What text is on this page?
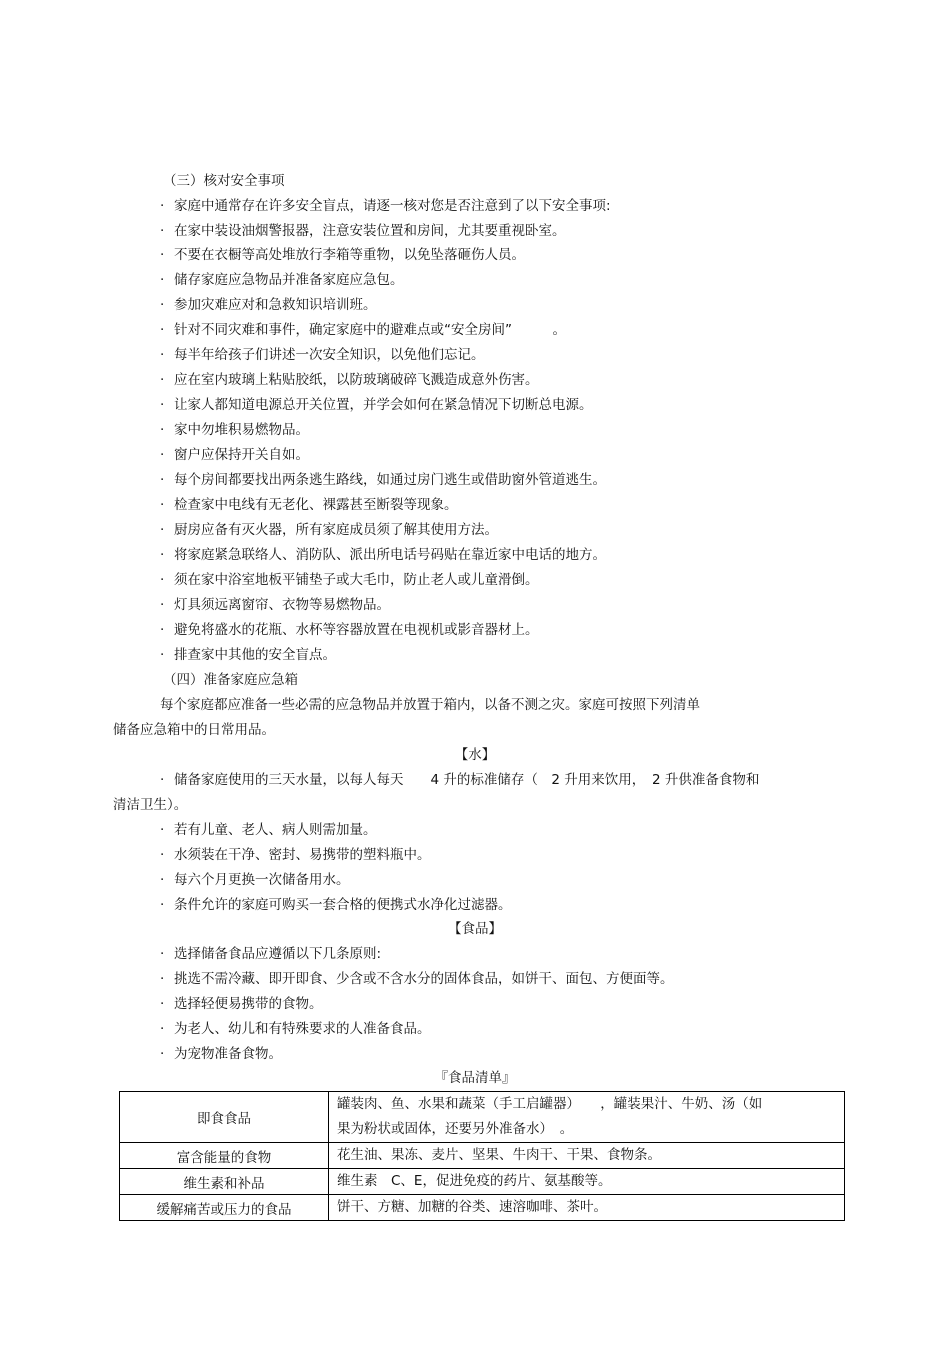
（三）核对安全事项
· 家庭中通常存在许多安全盲点，请逐一核对您是否注意到了以下安全事项:
· 在家中装设油烟警报器，注意安装位置和房间，尤其要重视卧室。
· 不要在衣橱等高处堆放行李箱等重物，以免坠落砸伤人员。
· 储存家庭应急物品并准备家庭应急包。
· 参加灾难应对和急救知识培训班。
· 针对不同灾难和事件，确定家庭中的避难点或“安全房间”　　　。
· 每半年给孩子们讲述一次安全知识，以免他们忘记。
· 应在室内玻璃上粘贴胶纸，以防玻璃破碎飞溅造成意外伤害。
· 让家人都知道电源总开关位置，并学会如何在紧急情况下切断总电源。
· 家中勿堆积易燃物品。
· 窗户应保持开关自如。
· 每个房间都要找出两条逃生路线，如通过房门逃生或借助窗外管道逃生。
· 检查家中电线有无老化、裸露甚至断裂等现象。
· 厨房应备有灭火器，所有家庭成员须了解其使用方法。
· 将家庭紧急联络人、消防队、派出所电话号码贴在靠近家中电话的地方。
· 须在家中浴室地板平铺垫子或大毛巾，防止老人或儿童滑倒。
· 灯具须远离窗帘、衣物等易燃物品。
· 避免将盛水的花瓶、水杯等容器放置在电视机或影音器材上。
· 排查家中其他的安全盲点。
（四）准备家庭应急箱
每个家庭都应准备一些必需的应急物品并放置于箱内，以备不测之灾。家庭可按照下列清单
储备应急箱中的日常用品。
【水】
· 储备家庭使用的三天水量，以每人每天　　4 升的标准储存（　2 升用来饮用，　2 升供准备食物和
清洁卫生）。
· 若有儿童、老人、病人则需加量。
· 水须装在干净、密封、易携带的塑料瓶中。
· 每六个月更换一次储备用水。
· 条件允许的家庭可购买一套合格的便携式水净化过滤器。
【食品】
· 选择储备食品应遵循以下几条原则:
· 挑选不需冷藏、即开即食、少含或不含水分的固体食品，如饼干、面包、方便面等。
· 选择轻便易携带的食物。
· 为老人、幼儿和有特殊要求的人准备食品。
· 为宠物准备食物。
『食品清单』
即食食品	罐装肉、鱼、水果和蔬菜（手工启罐器）　　，罐装果汁、牛奶、汤（如
果为粉状或固体，还要另外准备水）　。

富含能量的食物	花生油、果冻、麦片、坚果、牛肉干、干果、食物条。
维生素和补品	维生素　C、E，促进免疫的药片、氨基酸等。
缓解痛苦或压力的食品	饼干、方糖、加糖的谷类、速溶咖啡、茶叶。
